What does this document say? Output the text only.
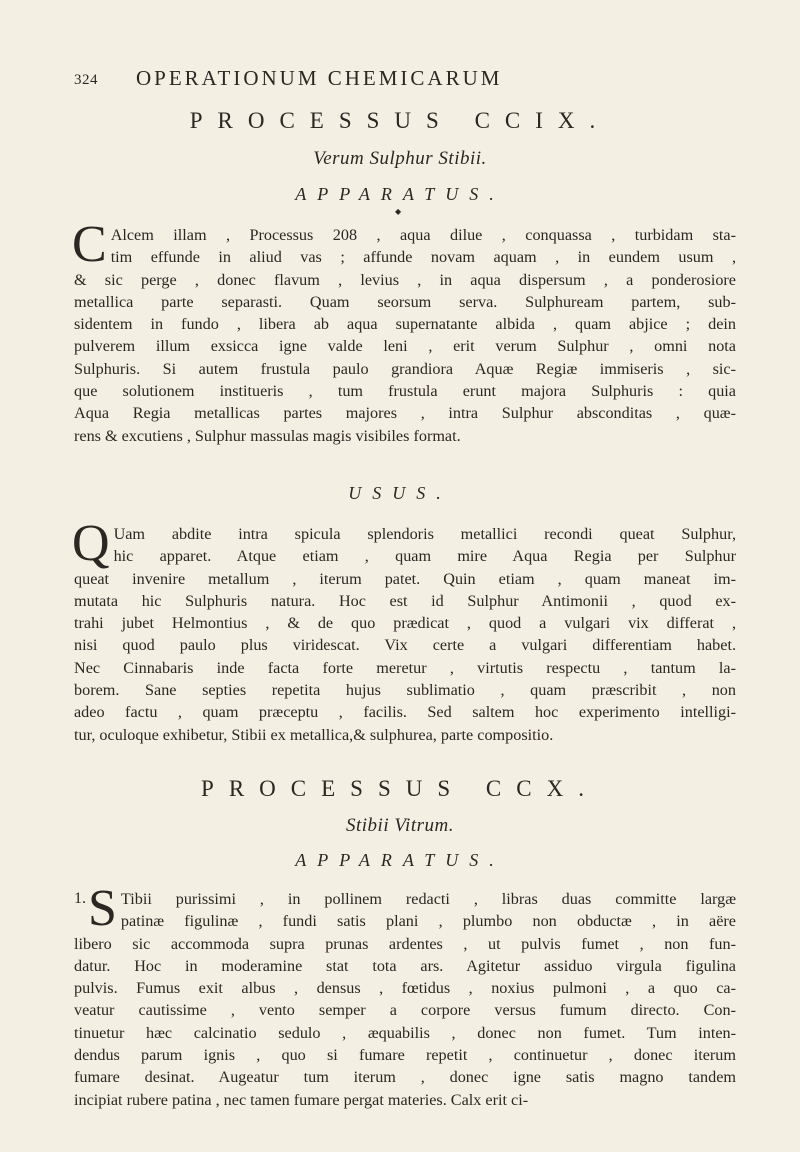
324 OPERATIONUM CHEMICARUM
PROCESSUS CCIX.
Verum Sulphur Stibii.
APPARATUS.
◆
C Alcem illam , Processus 208 , aqua dilue , conquassa , turbidam sta-
tim effunde in aliud vas ; affunde novam aquam , in eundem usum ,
& sic perge , donec flavum , levius , in aqua dispersum , a ponderosiore
metallica parte separasti. Quam seorsum serva. Sulphuream partem, sub-
sidentem in fundo , libera ab aqua supernatante albida , quam abjice ; dein
pulverem illum exsicca igne valde leni , erit verum Sulphur , omni nota
Sulphuris. Si autem frustula paulo grandiora Aquæ Regiæ immiseris , sic-
que solutionem institueris , tum frustula erunt majora Sulphuris : quia
Aqua Regia metallicas partes majores , intra Sulphur absconditas , quæ-
rens & excutiens , Sulphur massulas magis visibiles format.
USUS.
Q Uam abdite intra spicula splendoris metallici recondi queat Sulphur,
hic apparet. Atque etiam , quam mire Aqua Regia per Sulphur
queat invenire metallum , iterum patet. Quin etiam , quam maneat im-
mutata hic Sulphuris natura. Hoc est id Sulphur Antimonii , quod ex-
trahi jubet Helmontius , & de quo prædicat , quod a vulgari vix differat ,
nisi quod paulo plus viridescat. Vix certe a vulgari differentiam habet.
Nec Cinnabaris inde facta forte meretur , virtutis respectu , tantum la-
borem. Sane septies repetita hujus sublimatio , quam præscribit , non
adeo factu , quam præceptu , facilis. Sed saltem hoc experimento intelligi-
tur, oculoque exhibetur, Stibii ex metallica,& sulphurea, parte compositio.
PROCESSUS CCX.
Stibii Vitrum.
APPARATUS.
1. S Tibii purissimi , in pollinem redacti , libras duas committe largæ
patinæ figulinæ , fundi satis plani , plumbo non obductæ , in aëre
libero sic accommoda supra prunas ardentes , ut pulvis fumet , non fun-
datur. Hoc in moderamine stat tota ars. Agitetur assiduo virgula figulina
pulvis. Fumus exit albus , densus , fœtidus , noxius pulmoni , a quo ca-
veatur cautissime , vento semper a corpore versus fumum directo. Con-
tinuetur hæc calcinatio sedulo , æquabilis , donec non fumet. Tum inten-
dendus parum ignis , quo si fumare repetit , continuetur , donec iterum
fumare desinat. Augeatur tum iterum , donec igne satis magno tandem
incipiat rubere patina , nec tamen fumare pergat materies. Calx erit ci-
